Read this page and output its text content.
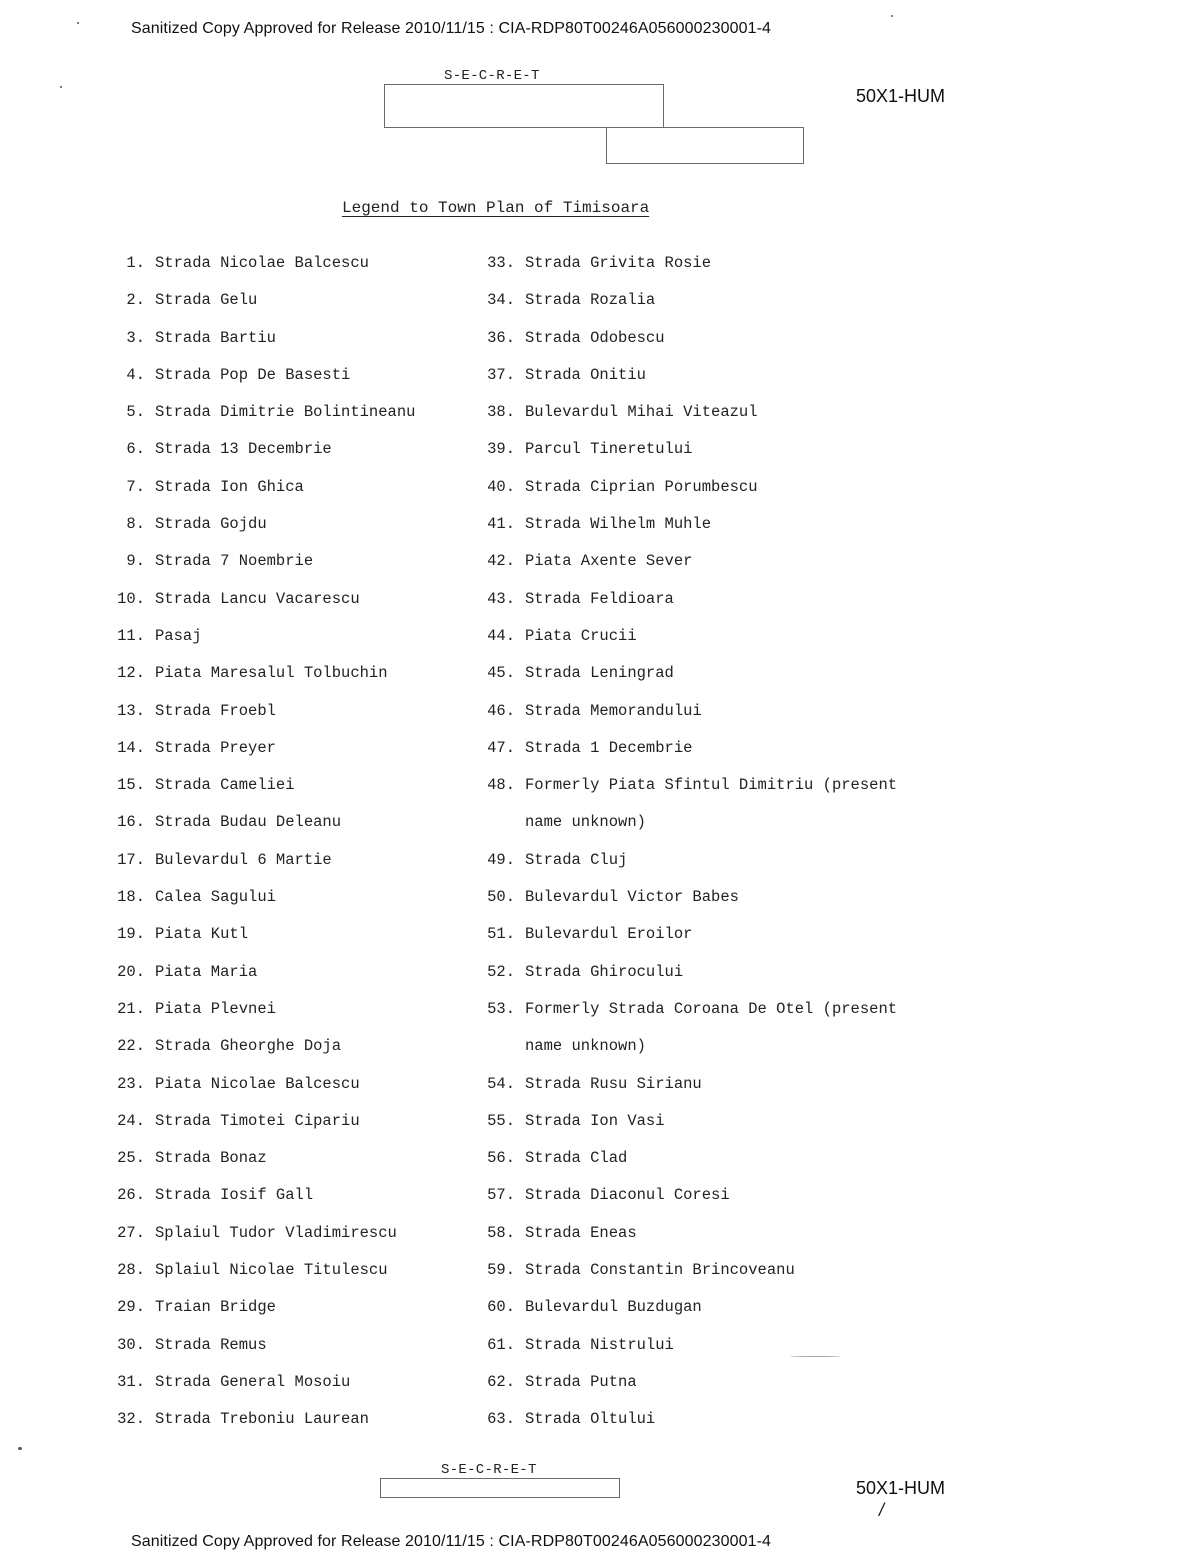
Sanitized Copy Approved for Release 2010/11/15 : CIA-RDP80T00246A056000230001-4
S-E-C-R-E-T
50X1-HUM
Legend to Town Plan of Timisoara
1. Strada Nicolae Balcescu
2. Strada Gelu
3. Strada Bartiu
4. Strada Pop De Basesti
5. Strada Dimitrie Bolintineanu
6. Strada 13 Decembrie
7. Strada Ion Ghica
8. Strada Gojdu
9. Strada 7 Noembrie
10. Strada Lancu Vacarescu
11. Pasaj
12. Piata Maresalul Tolbuchin
13. Strada Froebl
14. Strada Preyer
15. Strada Cameliei
16. Strada Budau Deleanu
17. Bulevardul 6 Martie
18. Calea Sagului
19. Piata Kutl
20. Piata Maria
21. Piata Plevnei
22. Strada Gheorghe Doja
23. Piata Nicolae Balcescu
24. Strada Timotei Cipariu
25. Strada Bonaz
26. Strada Iosif Gall
27. Splaiul Tudor Vladimirescu
28. Splaiul Nicolae Titulescu
29. Traian Bridge
30. Strada Remus
31. Strada General Mosoiu
32. Strada Treboniu Laurean
33. Strada Grivita Rosie
34. Strada Rozalia
36. Strada Odobescu
37. Strada Onitiu
38. Bulevardul Mihai Viteazul
39. Parcul Tineretului
40. Strada Ciprian Porumbescu
41. Strada Wilhelm Muhle
42. Piata Axente Sever
43. Strada Feldioara
44. Piata Crucii
45. Strada Leningrad
46. Strada Memorandului
47. Strada 1 Decembrie
48. Formerly Piata Sfintul Dimitriu (present
name unknown)
49. Strada Cluj
50. Bulevardul Victor Babes
51. Bulevardul Eroilor
52. Strada Ghirocului
53. Formerly Strada Coroana De Otel (present
name unknown)
54. Strada Rusu Sirianu
55. Strada Ion Vasi
56. Strada Clad
57. Strada Diaconul Coresi
58. Strada Eneas
59. Strada Constantin Brincoveanu
60. Bulevardul Buzdugan
61. Strada Nistrului
62. Strada Putna
63. Strada Oltului
S-E-C-R-E-T
50X1-HUM
/
Sanitized Copy Approved for Release 2010/11/15 : CIA-RDP80T00246A056000230001-4
